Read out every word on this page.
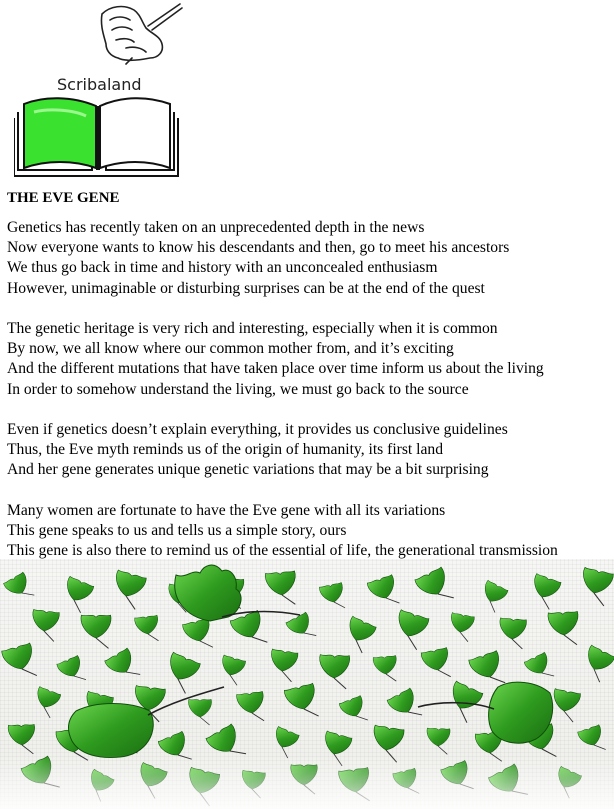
Scribaland
THE EVE GENE
Genetics has recently taken on an unprecedented depth in the news
Now everyone wants to know his descendants and then, go to meet his ancestors
We thus go back in time and history with an unconcealed enthusiasm
However, unimaginable or disturbing surprises can be at the end of the quest
The genetic heritage is very rich and interesting, especially when it is common
By now, we all know where our common mother from, and it’s exciting
And the different mutations that have taken place over time inform us about the living
In order to somehow understand the living, we must go back to the source
Even if genetics doesn’t explain everything, it provides us conclusive guidelines
Thus, the Eve myth reminds us of the origin of humanity, its first land
And her gene generates unique genetic variations that may be a bit surprising
Many women are fortunate to have the Eve gene with all its variations
This gene speaks to us and tells us a simple story, ours
This gene is also there to remind us of the essential of life, the generational transmission
